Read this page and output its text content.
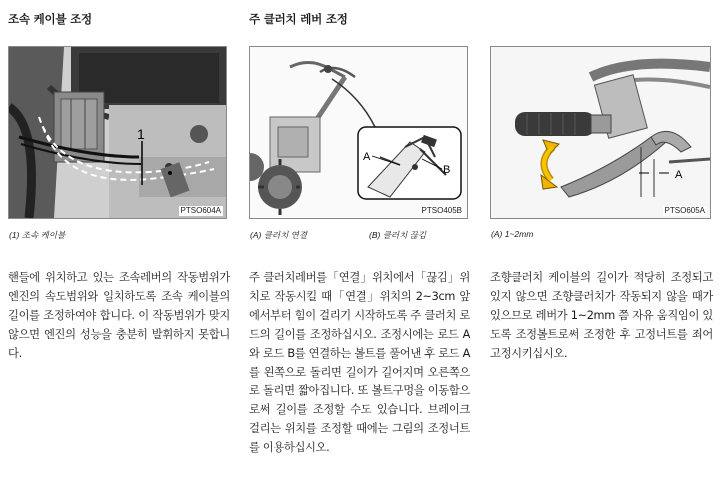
조속 케이블 조정
1
PTSO604A
(1) 조속 케이블
핸들에 위치하고 있는 조속레버의 작동범위가 엔진의 속도범위와 일치하도록 조속 케이블의 길이를 조정하여야 합니다. 이 작동범위가 맞지 않으면 엔진의 성능을 충분히 발휘하지 못합니다.
주 클러치 레버 조정
A
B
PTSO405B
(A) 클러치 연결	(B) 클러치 끊김
주 클러치레버를「연결」위치에서「끊김」위치로 작동시킬 때「연결」위치의 2~3cm 앞에서부터 힘이 걸리기 시작하도록 주 클러치 로드의 길이를 조정하십시오. 조정시에는 로드 A와 로드 B를 연결하는 볼트를 풀어낸 후 로드 A를 왼쪽으로 돌리면 길이가 길어지며 오른쪽으로 돌리면 짧아집니다. 또 볼트구멍을 이동함으로써 길이를 조정할 수도 있습니다. 브레이크 걸리는 위치를 조정할 때에는 그림의 조정너트를 이용하십시오.
A
PTSO605A
(A) 1~2mm
조향클러치 케이블의 길이가 적당히 조정되고 있지 않으면 조향클러치가 작동되지 않을 때가 있으므로 레버가 1~2mm 쯤 자유 움직임이 있도록 조정볼트로써 조정한 후 고정너트를 죄어 고정시키십시오.
